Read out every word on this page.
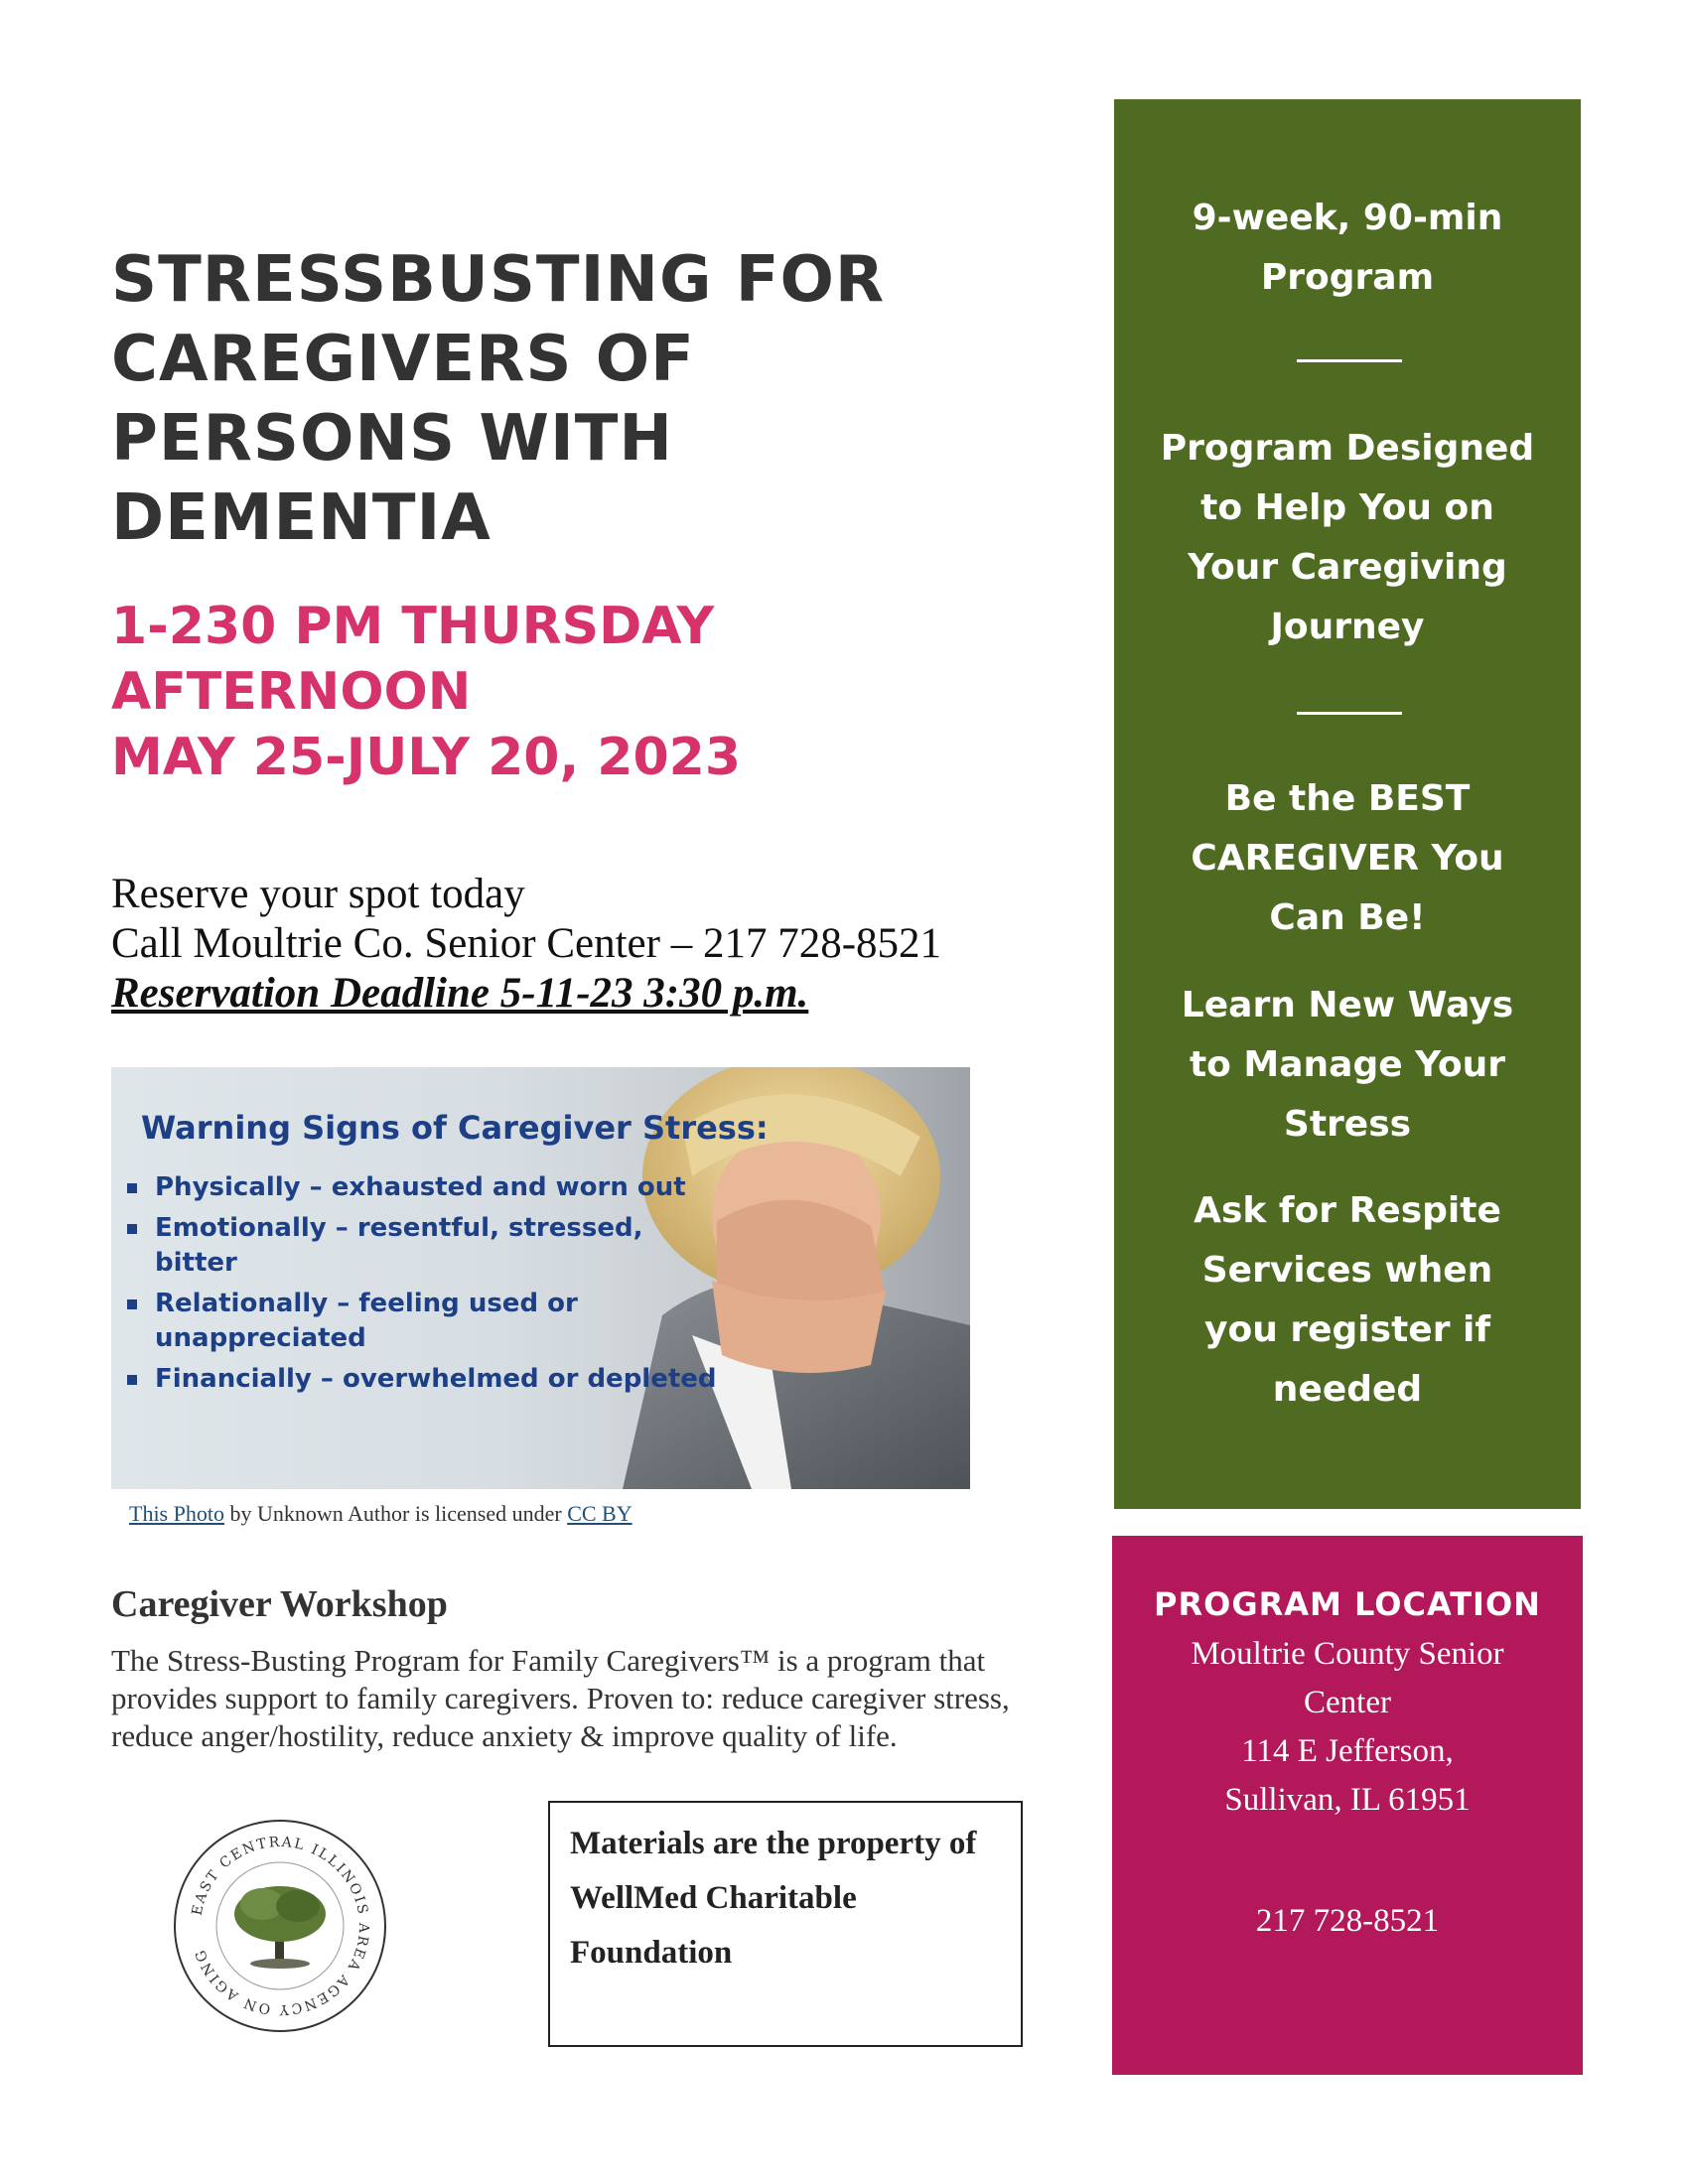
STRESSBUSTING FOR
CAREGIVERS OF
PERSONS WITH
DEMENTIA
1-230 PM THURSDAY
AFTERNOON
MAY 25-JULY 20, 2023
Reserve your spot today
Call Moultrie Co. Senior Center – 217 728-8521
Reservation Deadline 5-11-23 3:30 p.m.
Warning Signs of Caregiver Stress:
Physically – exhausted and worn out
Emotionally – resentful, stressed, bitter
Relationally – feeling used or unappreciated
Financially – overwhelmed or depleted
This Photo by Unknown Author is licensed under CC BY
Caregiver Workshop
The Stress-Busting Program for Family Caregivers™ is a program that provides support to family caregivers. Proven to: reduce caregiver stress, reduce anger/hostility, reduce anxiety & improve quality of life.
EAST CENTRAL ILLINOIS AREA AGENCY ON AGING
Materials are the property of WellMed Charitable Foundation
9-week, 90-min
Program
Program Designed
to Help You on
Your Caregiving
Journey
Be the BEST
CAREGIVER You
Can Be!
Learn New Ways
to Manage Your
Stress
Ask for Respite
Services when
you register if
needed
PROGRAM LOCATION
Moultrie County Senior
Center
114 E Jefferson,
Sullivan, IL 61951
217 728-8521
